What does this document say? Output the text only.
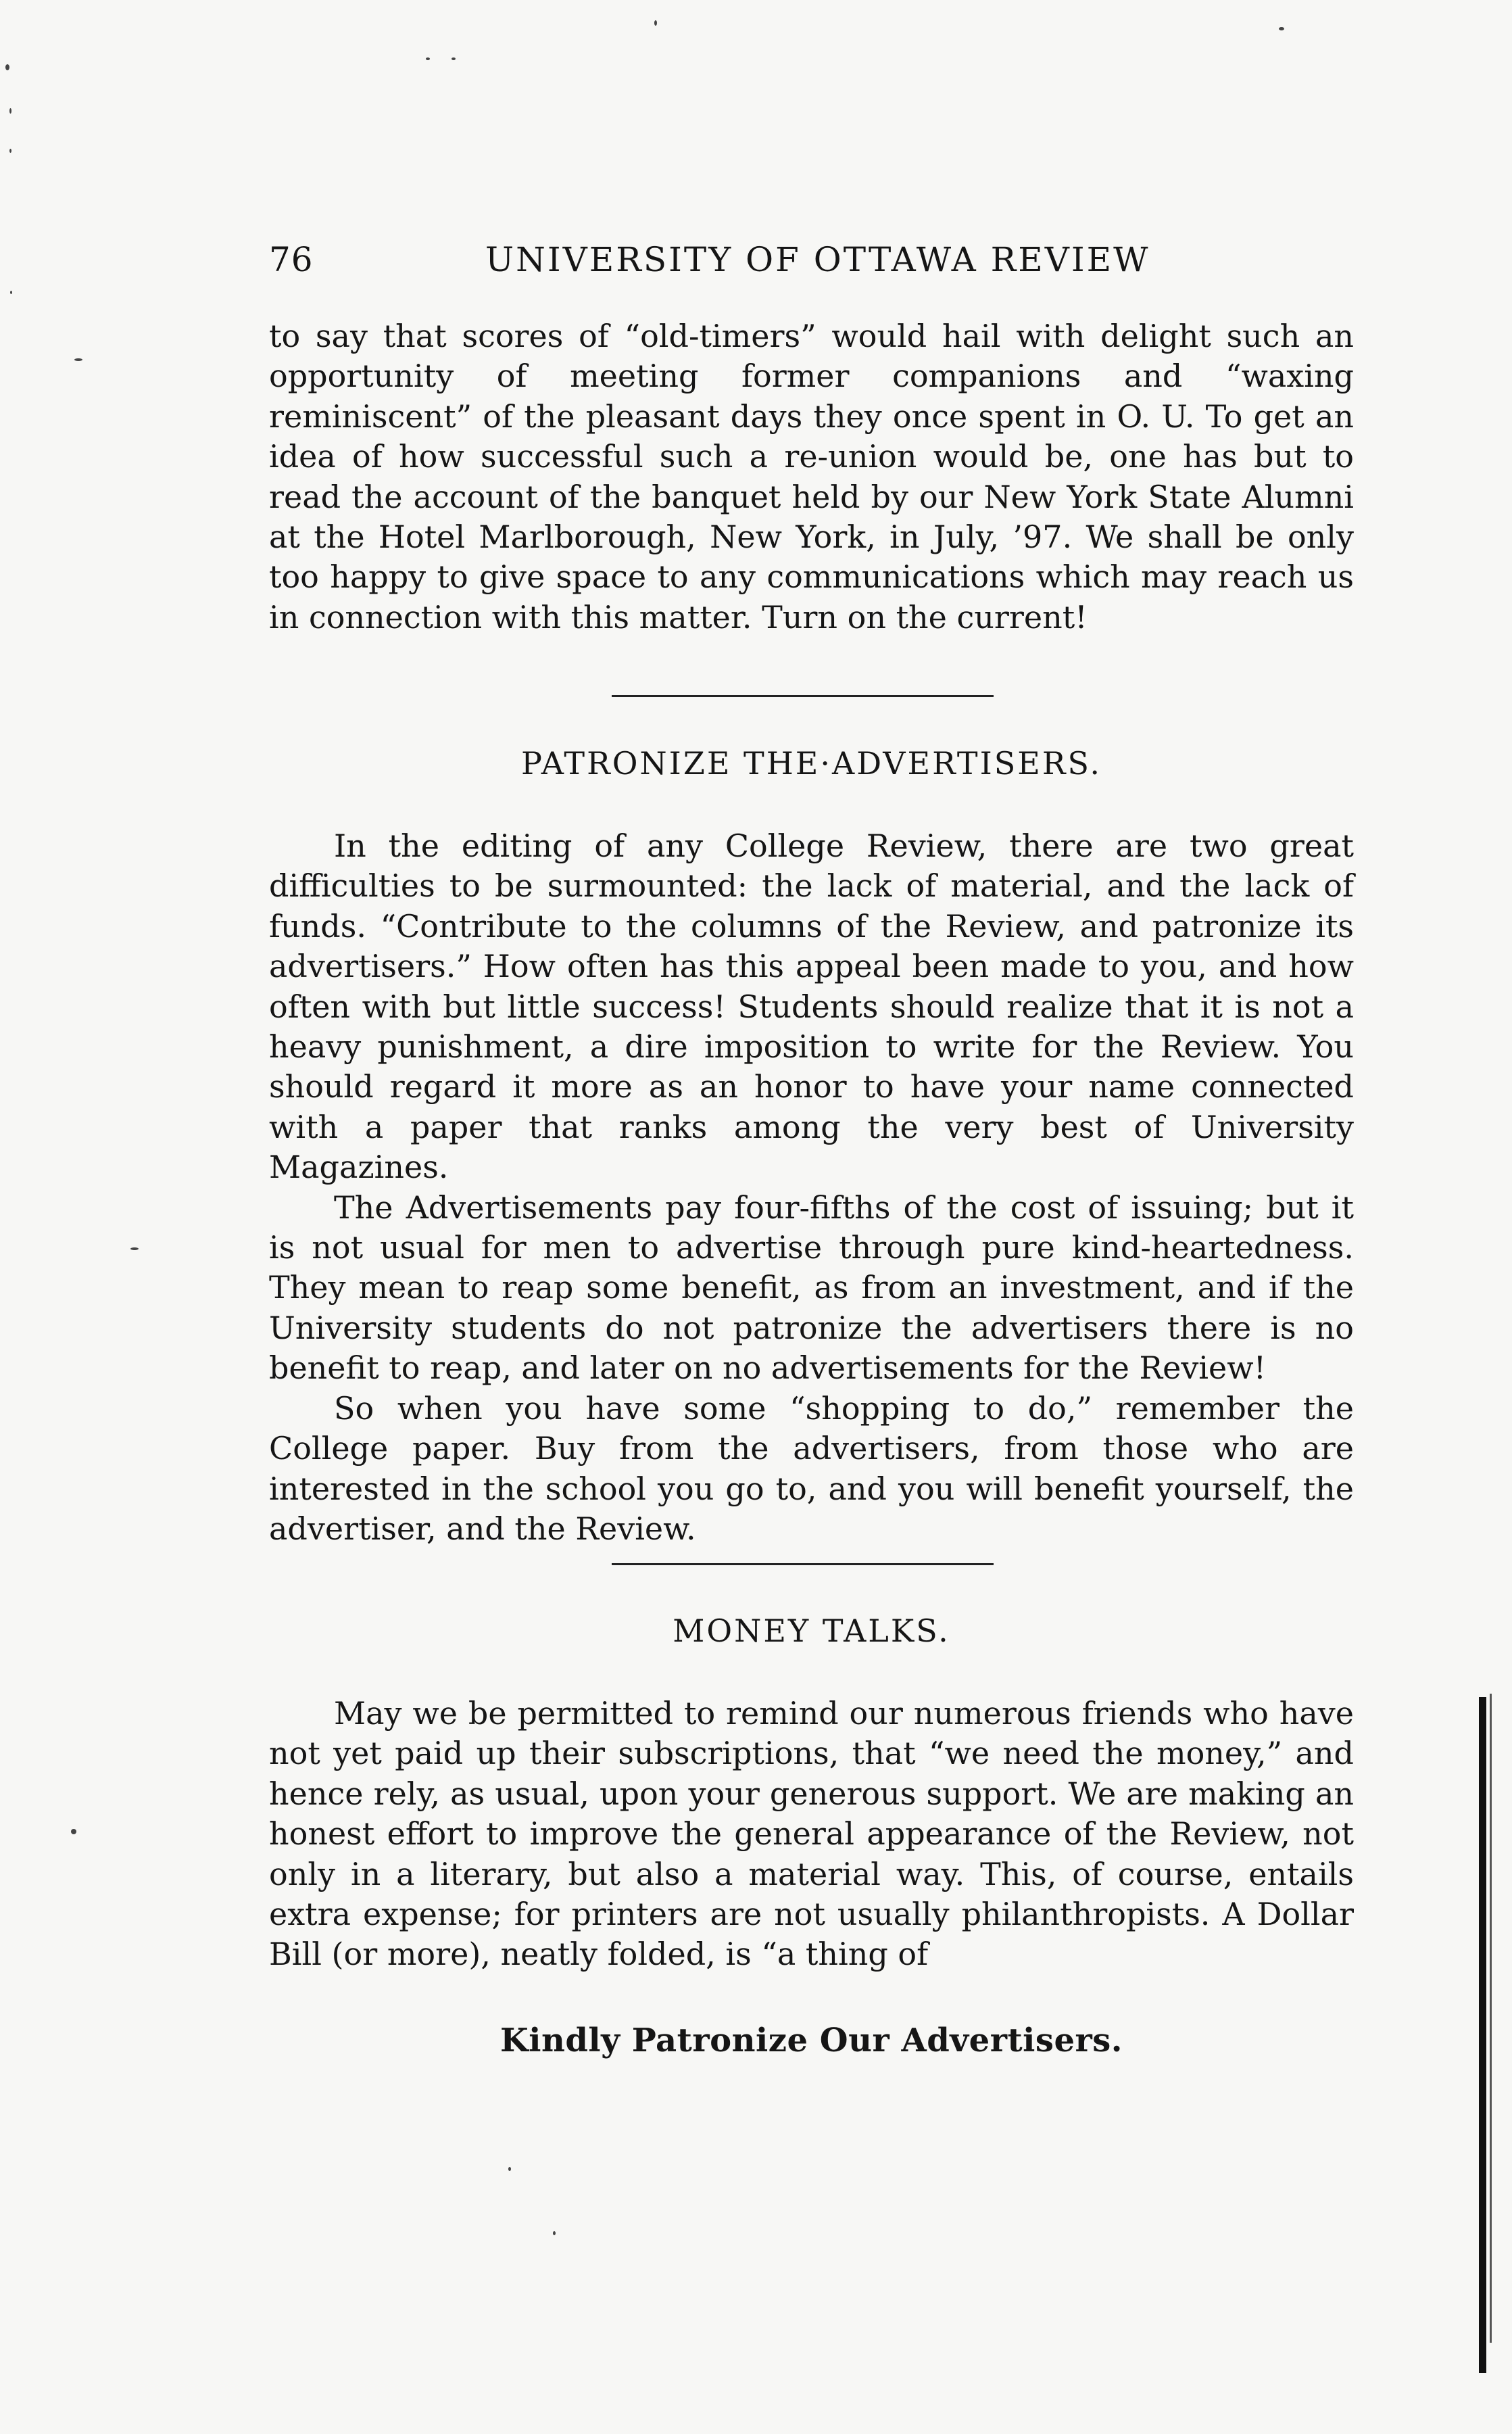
76	UNIVERSITY OF OTTAWA REVIEW

to say that scores of “old-timers” would hail with delight such an opportunity of meeting former companions and “waxing reminiscent” of the pleasant days they once spent in O. U. To get an idea of how successful such a re-union would be, one has but to read the account of the banquet held by our New York State Alumni at the Hotel Marlborough, New York, in July, ’97. We shall be only too happy to give space to any communications which may reach us in connection with this matter. Turn on the current!

PATRONIZE THE·ADVERTISERS.

In the editing of any College Review, there are two great difficulties to be surmounted: the lack of material, and the lack of funds. “Contribute to the columns of the Review, and patronize its advertisers.” How often has this appeal been made to you, and how often with but little success! Students should realize that it is not a heavy punishment, a dire imposition to write for the Review. You should regard it more as an honor to have your name connected with a paper that ranks among the very best of University Magazines.

The Advertisements pay four-fifths of the cost of issuing; but it is not usual for men to advertise through pure kind-heartedness. They mean to reap some benefit, as from an investment, and if the University students do not patronize the advertisers there is no benefit to reap, and later on no advertisements for the Review!

So when you have some “shopping to do,” remember the College paper. Buy from the advertisers, from those who are interested in the school you go to, and you will benefit yourself, the advertiser, and the Review.

MONEY TALKS.

May we be permitted to remind our numerous friends who have not yet paid up their subscriptions, that “we need the money,” and hence rely, as usual, upon your generous support. We are making an honest effort to improve the general appearance of the Review, not only in a literary, but also a material way. This, of course, entails extra expense; for printers are not usually philanthropists. A Dollar Bill (or more), neatly folded, is “a thing of

Kindly Patronize Our Advertisers.
